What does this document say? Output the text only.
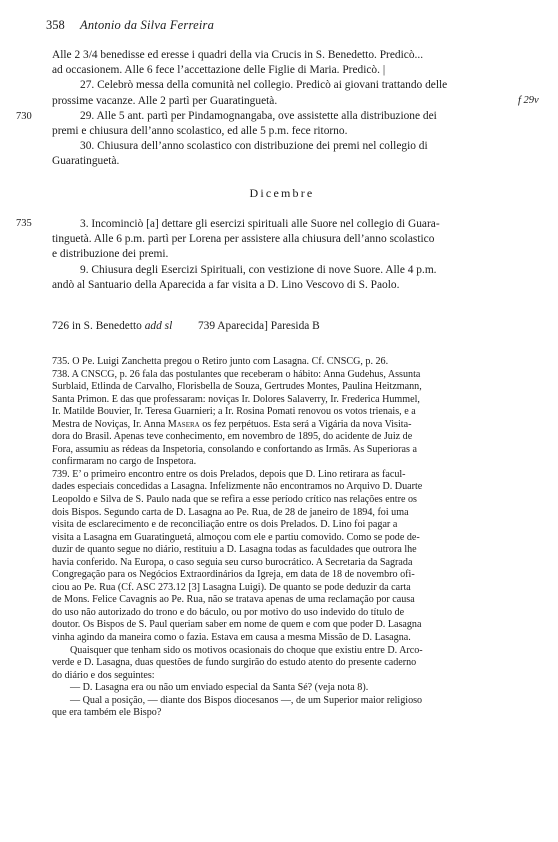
358 Antonio da Silva Ferreira
Alle 2 3/4 benedisse ed eresse i quadri della via Crucis in S. Benedetto. Predicò...
ad occasionem. Alle 6 fece l’accettazione delle Figlie di Maria. Predicò. |
27. Celebrò messa della comunità nel collegio. Predicò ai giovani trattando delle
prossime vacanze. Alle 2 partì per Guaratinguetà.
29. Alle 5 ant. partì per Pindamognangaba, ove assistette alla distribuzione dei
premi e chiusura dell’anno scolastico, ed alle 5 p.m. fece ritorno.
30. Chiusura dell’anno scolastico con distribuzione dei premi nel collegio di
Guaratinguetà.
f 29v
730
Dicembre
3. Incominciò [a] dettare gli esercizi spirituali alle Suore nel collegio di Guara-
tinguetà. Alle 6 p.m. partì per Lorena per assistere alla chiusura dell’anno scolastico
e distribuzione dei premi.
9. Chiusura degli Esercizi Spirituali, con vestizione di nove Suore. Alle 4 p.m.
andò al Santuario della Aparecida a far visita a D. Lino Vescovo di S. Paolo.
735
726 in S. Benedetto add sl 739 Aparecida] Paresida B

735. O Pe. Luigi Zanchetta pregou o Retiro junto com Lasagna. Cf. CNSCG, p. 26.

738. A CNSCG, p. 26 fala das postulantes que receberam o hábito: Anna Gudehus, Assunta
Surblaid, Etlinda de Carvalho, Florisbella de Souza, Gertrudes Montes, Paulina Heitzmann,
Santa Primon. E das que professaram: noviças Ir. Dolores Salaverry, Ir. Frederica Hummel,
Ir. Matilde Bouvier, Ir. Teresa Guarnieri; a Ir. Rosina Pomati renovou os votos trienais, e a
Mestra de Noviças, Ir. Anna Masera os fez perpétuos. Esta será a Vigária da nova Visita-
dora do Brasil. Apenas teve conhecimento, em novembro de 1895, do acidente de Juiz de
Fora, assumiu as rédeas da Inspetoria, consolando e confortando as Irmãs. As Superioras a
confirmaram no cargo de Inspetora.

739. E’ o primeiro encontro entre os dois Prelados, depois que D. Lino retirara as facul-
dades especiais concedidas a Lasagna. Infelizmente não encontramos no Arquivo D. Duarte
Leopoldo e Silva de S. Paulo nada que se refira a esse período crítico nas relações entre os
dois Bispos. Segundo carta de D. Lasagna ao Pe. Rua, de 28 de janeiro de 1894, foi uma
visita de esclarecimento e de reconciliação entre os dois Prelados. D. Lino foi pagar a
visita a Lasagna em Guaratinguetá, almoçou com ele e partiu comovido. Como se pode de-
duzir de quanto segue no diário, restituiu a D. Lasagna todas as faculdades que outrora lhe
havia conferido. Na Europa, o caso seguia seu curso burocrático. A Secretaria da Sagrada
Congregação para os Negócios Extraordinários da Igreja, em data de 18 de novembro ofi-
ciou ao Pe. Rua (Cf. ASC 273.12 [3] Lasagna Luigi). De quanto se pode deduzir da carta
de Mons. Felice Cavagnis ao Pe. Rua, não se tratava apenas de uma reclamação por causa
do uso não autorizado do trono e do báculo, ou por motivo do uso indevido do título de
doutor. Os Bispos de S. Paul queriam saber em nome de quem e com que poder D. Lasagna
vinha agindo da maneira como o fazia. Estava em causa a mesma Missão de D. Lasagna.
Quaisquer que tenham sido os motivos ocasionais do choque que existiu entre D. Arco-
verde e D. Lasagna, duas questões de fundo surgirão do estudo atento do presente caderno
do diário e dos seguintes:
— D. Lasagna era ou não um enviado especial da Santa Sé? (veja nota 8).
— Qual a posição, — diante dos Bispos diocesanos —, de um Superior maior religioso
que era também ele Bispo?
